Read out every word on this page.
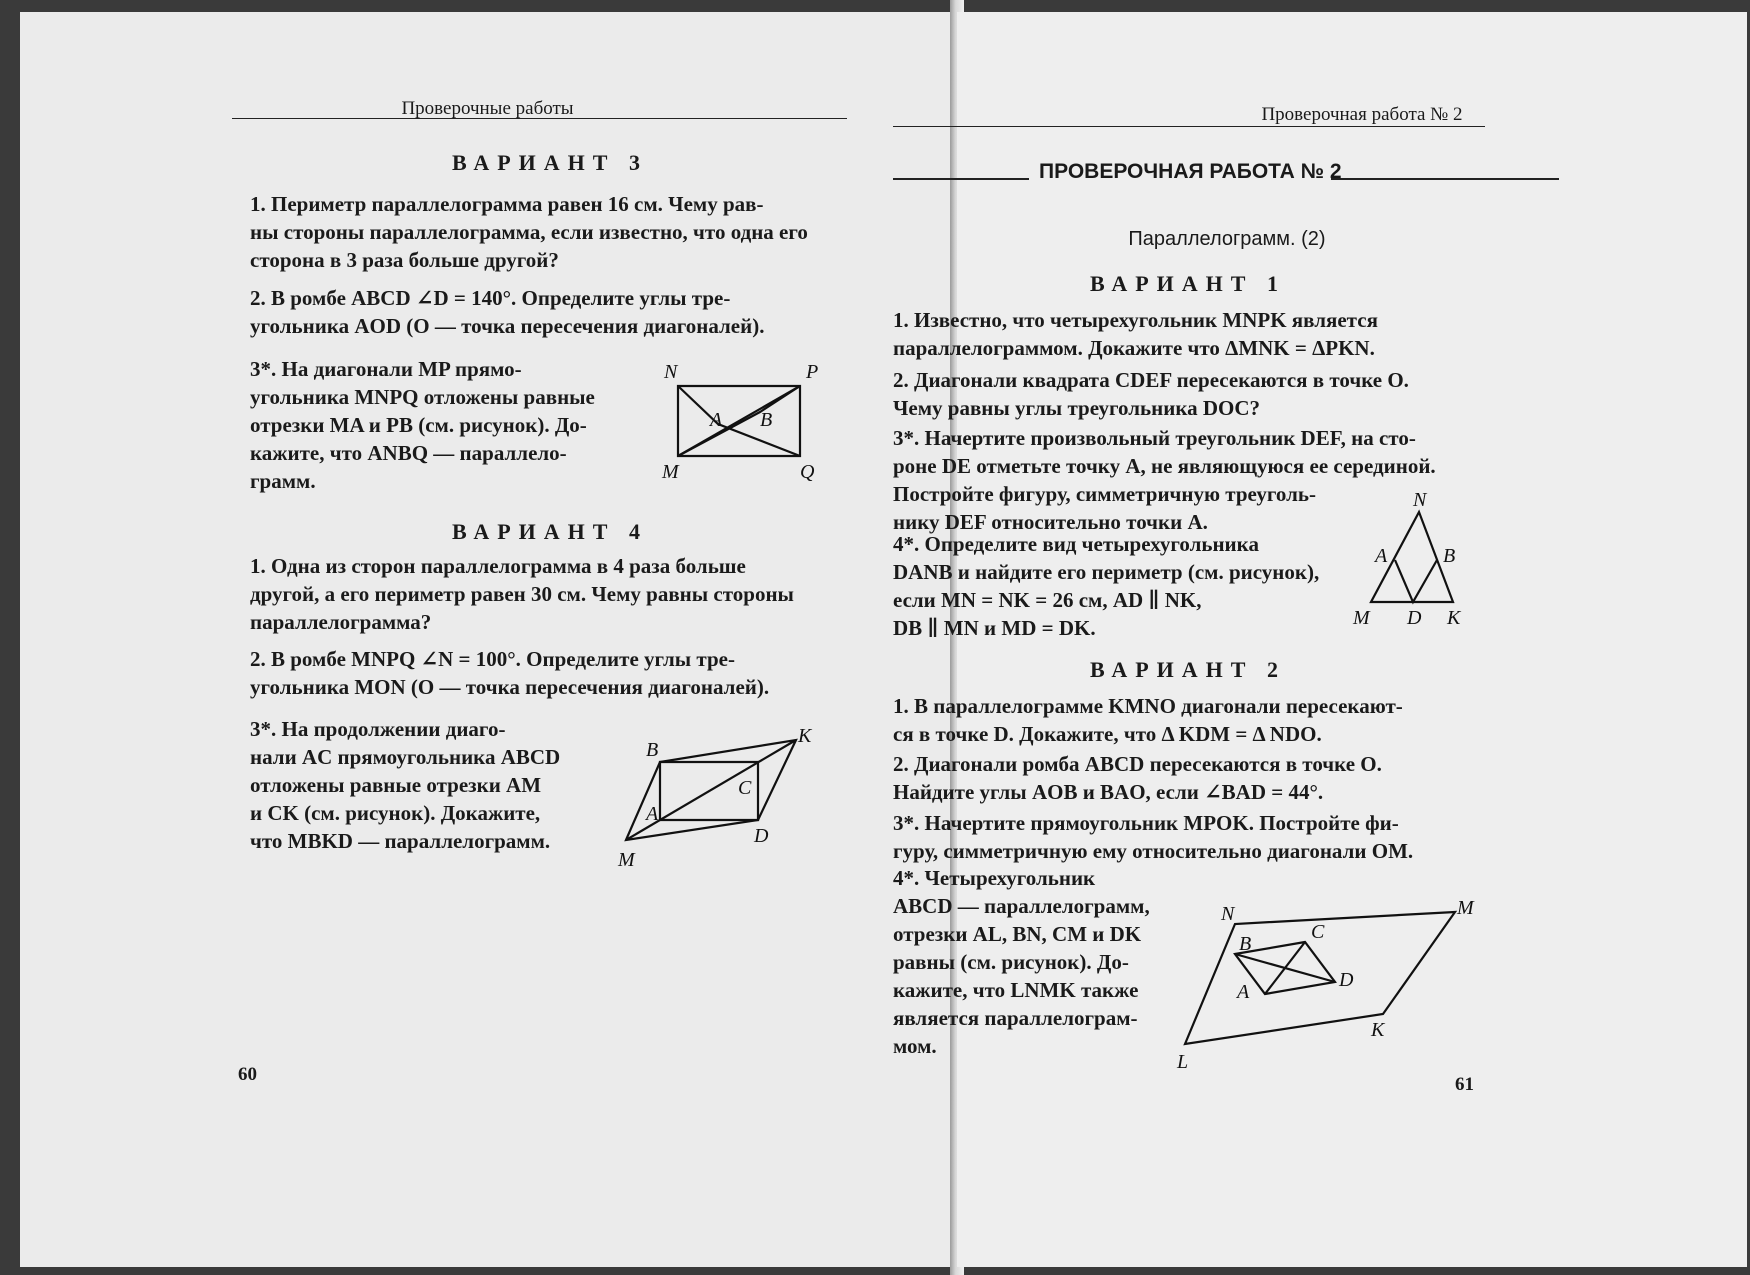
Проверочные работы
ВАРИАНТ 3
1. Периметр параллелограмма равен 16 см. Чему рав-
ны стороны параллелограмма, если известно, что одна его
сторона в 3 раза больше другой?
2. В ромбе ABCD ∠D = 140°. Определите углы тре-
угольника AOD (O — точка пересечения диагоналей).
3*. На диагонали MP прямо-
угольника MNPQ отложены равные
отрезки MA и PB (см. рисунок). До-
кажите, что ANBQ — параллело-
грамм.
N	P
A B
M	Q
ВАРИАНТ 4
1. Одна из сторон параллелограмма в 4 раза больше
другой, а его периметр равен 30 см. Чему равны стороны
параллелограмма?
2. В ромбе MNPQ ∠N = 100°. Определите углы тре-
угольника MON (O — точка пересечения диагоналей).
3*. На продолжении диаго-
нали AC прямоугольника ABCD
отложены равные отрезки AM
и CK (см. рисунок). Докажите,
что MBKD — параллелограмм.
B
K
C
A
D
M
60
Проверочная работа № 2
ПРОВЕРОЧНАЯ РАБОТА № 2
Параллелограмм. (2)
ВАРИАНТ 1
1. Известно, что четырехугольник MNPK является
параллелограммом. Докажите что ΔMNK = ΔPKN.
2. Диагонали квадрата CDEF пересекаются в точке O.
Чему равны углы треугольника DOC?
3*. Начертите произвольный треугольник DEF, на сто-
роне DE отметьте точку A, не являющуюся ее серединой.
Постройте фигуру, симметричную треуголь-
нику DEF относительно точки A.
4*. Определите вид четырехугольника
DANB и найдите его периметр (см. рисунок),
если MN = NK = 26 см, AD ∥ NK,
DB ∥ MN и MD = DK.
N
A	B
M D K
ВАРИАНТ 2
1. В параллелограмме KMNO диагонали пересекают-
ся в точке D. Докажите, что Δ KDM = Δ NDO.
2. Диагонали ромба ABCD пересекаются в точке O.
Найдите углы AOB и BAO, если ∠BAD = 44°.
3*. Начертите прямоугольник MPOK. Постройте фи-
гуру, симметричную ему относительно диагонали OM.
4*. Четырехугольник
ABCD — параллелограмм,
отрезки AL, BN, CM и DK
равны (см. рисунок). До-
кажите, что LNMK также
является параллелограм-
мом.
M
N
B
C
D
A
K
L
61
